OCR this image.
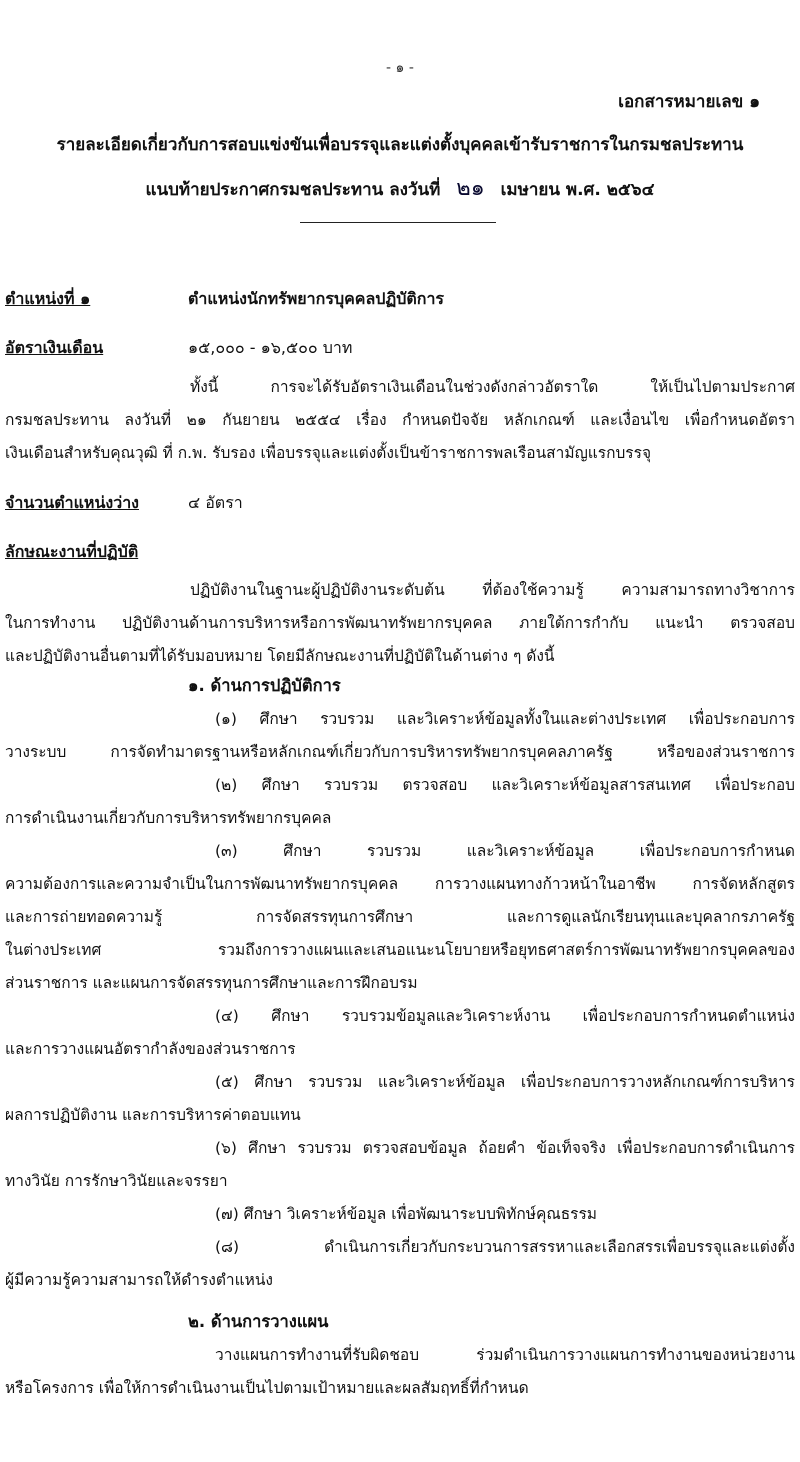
- ๑ -
เอกสารหมายเลข ๑
รายละเอียดเกี่ยวกับการสอบแข่งขันเพื่อบรรจุและแต่งตั้งบุคคลเข้ารับราชการในกรมชลประทาน
แนบท้ายประกาศกรมชลประทาน ลงวันที่ ๒๑ เมษายน พ.ศ. ๒๕๖๔
ตำแหน่งที่ ๑	ตำแหน่งนักทรัพยากรบุคคลปฏิบัติการ
อัตราเงินเดือน	๑๕,๐๐๐ - ๑๖,๕๐๐ บาท
ทั้งนี้ การจะได้รับอัตราเงินเดือนในช่วงดังกล่าวอัตราใด ให้เป็นไปตามประกาศ
กรมชลประทาน ลงวันที่ ๒๑ กันยายน ๒๕๕๔ เรื่อง กำหนดปัจจัย หลักเกณฑ์ และเงื่อนไข เพื่อกำหนดอัตรา
เงินเดือนสำหรับคุณวุฒิ ที่ ก.พ. รับรอง เพื่อบรรจุและแต่งตั้งเป็นข้าราชการพลเรือนสามัญแรกบรรจุ
จำนวนตำแหน่งว่าง	๔ อัตรา
ลักษณะงานที่ปฏิบัติ
ปฏิบัติงานในฐานะผู้ปฏิบัติงานระดับต้น ที่ต้องใช้ความรู้ ความสามารถทางวิชาการ
ในการทำงาน ปฏิบัติงานด้านการบริหารหรือการพัฒนาทรัพยากรบุคคล ภายใต้การกำกับ แนะนำ ตรวจสอบ
และปฏิบัติงานอื่นตามที่ได้รับมอบหมาย โดยมีลักษณะงานที่ปฏิบัติในด้านต่าง ๆ ดังนี้
๑. ด้านการปฏิบัติการ
(๑) ศึกษา รวบรวม และวิเคราะห์ข้อมูลทั้งในและต่างประเทศ เพื่อประกอบการ
วางระบบ การจัดทำมาตรฐานหรือหลักเกณฑ์เกี่ยวกับการบริหารทรัพยากรบุคคลภาครัฐ หรือของส่วนราชการ
(๒) ศึกษา รวบรวม ตรวจสอบ และวิเคราะห์ข้อมูลสารสนเทศ เพื่อประกอบ
การดำเนินงานเกี่ยวกับการบริหารทรัพยากรบุคคล
(๓) ศึกษา รวบรวม และวิเคราะห์ข้อมูล เพื่อประกอบการกำหนด
ความต้องการและความจำเป็นในการพัฒนาทรัพยากรบุคคล การวางแผนทางก้าวหน้าในอาชีพ การจัดหลักสูตร
และการถ่ายทอดความรู้ การจัดสรรทุนการศึกษา และการดูแลนักเรียนทุนและบุคลากรภาครัฐ
ในต่างประเทศ รวมถึงการวางแผนและเสนอแนะนโยบายหรือยุทธศาสตร์การพัฒนาทรัพยากรบุคคลของ
ส่วนราชการ และแผนการจัดสรรทุนการศึกษาและการฝึกอบรม
(๔) ศึกษา รวบรวมข้อมูลและวิเคราะห์งาน เพื่อประกอบการกำหนดตำแหน่ง
และการวางแผนอัตรากำลังของส่วนราชการ
(๕) ศึกษา รวบรวม และวิเคราะห์ข้อมูล เพื่อประกอบการวางหลักเกณฑ์การบริหาร
ผลการปฏิบัติงาน และการบริหารค่าตอบแทน
(๖) ศึกษา รวบรวม ตรวจสอบข้อมูล ถ้อยคำ ข้อเท็จจริง เพื่อประกอบการดำเนินการ
ทางวินัย การรักษาวินัยและจรรยา
(๗) ศึกษา วิเคราะห์ข้อมูล เพื่อพัฒนาระบบพิทักษ์คุณธรรม
(๘) ดำเนินการเกี่ยวกับกระบวนการสรรหาและเลือกสรรเพื่อบรรจุและแต่งตั้ง
ผู้มีความรู้ความสามารถให้ดำรงตำแหน่ง
๒. ด้านการวางแผน
วางแผนการทำงานที่รับผิดชอบ ร่วมดำเนินการวางแผนการทำงานของหน่วยงาน
หรือโครงการ เพื่อให้การดำเนินงานเป็นไปตามเป้าหมายและผลสัมฤทธิ์ที่กำหนด
